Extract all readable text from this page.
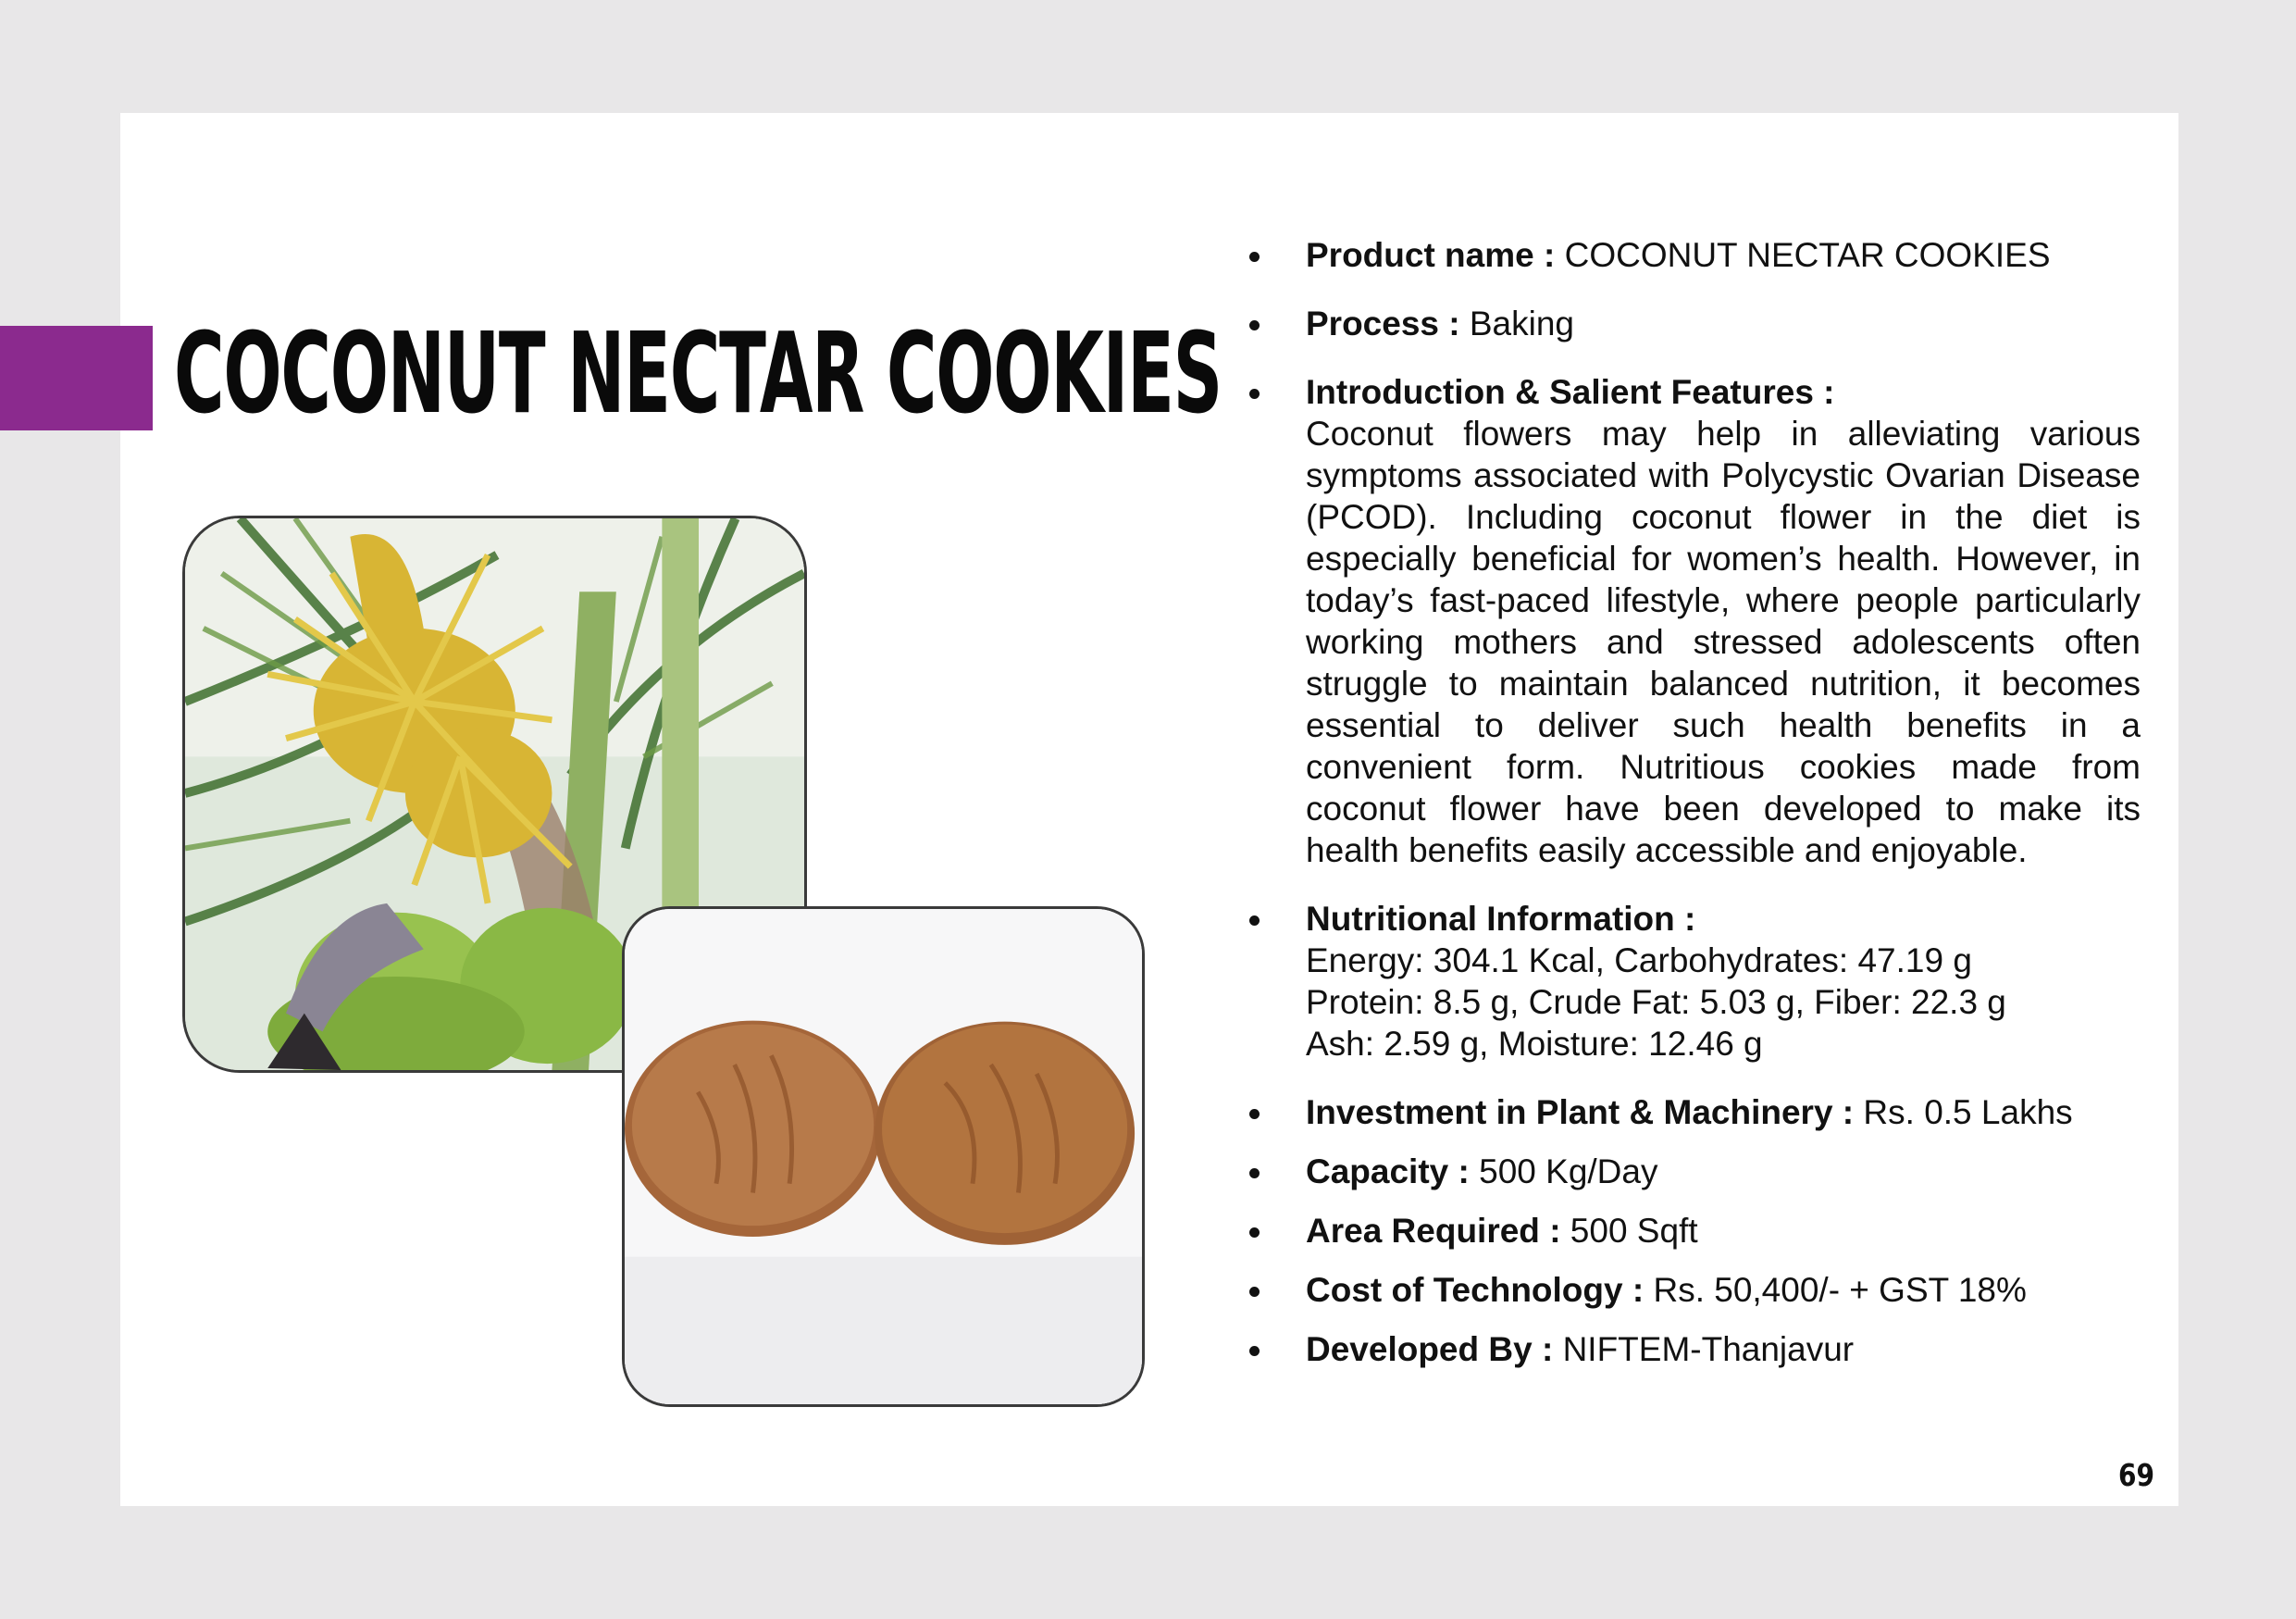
COCONUT NECTAR COOKIES
Product name : COCONUT NECTAR COOKIES
Process : Baking
Introduction & Salient Features :
Coconut flowers may help in alleviating various symptoms associated with Polycystic Ovarian Disease (PCOD). Including coconut flower in the diet is especially beneficial for women’s health. However, in today’s fast-paced lifestyle, where people particularly working mothers and stressed adolescents often struggle to maintain balanced nutrition, it becomes essential to deliver such health benefits in a convenient form. Nutritious cookies made from coconut flower have been developed to make its health benefits easily accessible and enjoyable.
Nutritional Information :
Energy: 304.1 Kcal, Carbohydrates: 47.19 g
Protein: 8.5 g, Crude Fat: 5.03 g, Fiber: 22.3 g
Ash: 2.59 g, Moisture: 12.46 g
Investment in Plant & Machinery : Rs. 0.5 Lakhs
Capacity : 500 Kg/Day
Area Required : 500 Sqft
Cost of Technology : Rs. 50,400/- + GST 18%
Developed By : NIFTEM-Thanjavur

69
